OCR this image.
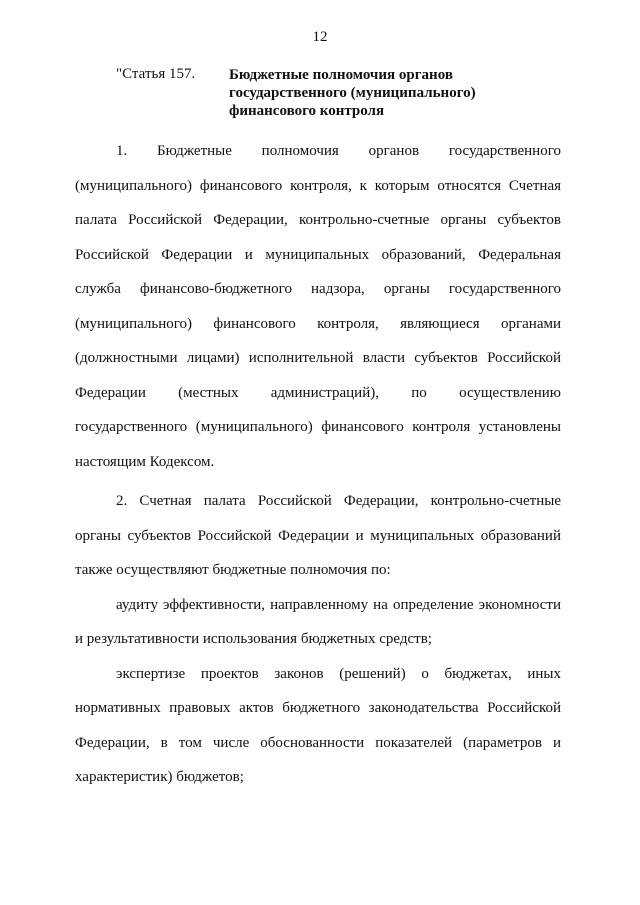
12
"Статья 157. Бюджетные полномочия органов
государственного (муниципального)
финансового контроля
1. Бюджетные полномочия органов государственного
(муниципального) финансового контроля, к которым относятся Счетная
палата Российской Федерации, контрольно-счетные органы субъектов
Российской Федерации и муниципальных образований, Федеральная
служба финансово-бюджетного надзора, органы государственного
(муниципального) финансового контроля, являющиеся органами
(должностными лицами) исполнительной власти субъектов Российской
Федерации (местных администраций), по осуществлению
государственного (муниципального) финансового контроля установлены
настоящим Кодексом.
2. Счетная палата Российской Федерации, контрольно-счетные
органы субъектов Российской Федерации и муниципальных образований
также осуществляют бюджетные полномочия по:
аудиту эффективности, направленному на определение экономности
и результативности использования бюджетных средств;
экспертизе проектов законов (решений) о бюджетах, иных
нормативных правовых актов бюджетного законодательства Российской
Федерации, в том числе обоснованности показателей (параметров и
характеристик) бюджетов;
